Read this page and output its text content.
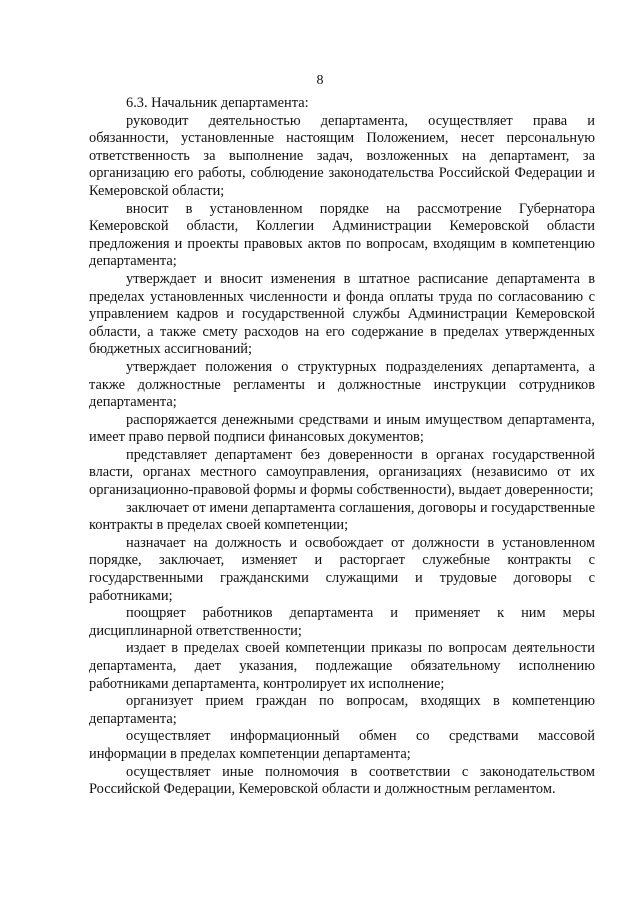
8

6.3. Начальник департамента:

руководит деятельностью департамента, осуществляет права и обязанности, установленные настоящим Положением, несет персональную ответственность за выполнение задач, возложенных на департамент, за организацию его работы, соблюдение законодательства Российской Федерации и Кемеровской области;

вносит в установленном порядке на рассмотрение Губернатора Кемеровской области, Коллегии Администрации Кемеровской области предложения и проекты правовых актов по вопросам, входящим в компетенцию департамента;

утверждает и вносит изменения в штатное расписание департамента в пределах установленных численности и фонда оплаты труда по согласованию с управлением кадров и государственной службы Администрации Кемеровской области, а также смету расходов на его содержание в пределах утвержденных бюджетных ассигнований;

утверждает положения о структурных подразделениях департамента, а также должностные регламенты и должностные инструкции сотрудников департамента;

распоряжается денежными средствами и иным имуществом департамента, имеет право первой подписи финансовых документов;

представляет департамент без доверенности в органах государственной власти, органах местного самоуправления, организациях (независимо от их организационно-правовой формы и формы собственности), выдает доверенности;

заключает от имени департамента соглашения, договоры и государственные контракты в пределах своей компетенции;

назначает на должность и освобождает от должности в установленном порядке, заключает, изменяет и расторгает служебные контракты с государственными гражданскими служащими и трудовые договоры с работниками;

поощряет работников департамента и применяет к ним меры дисциплинарной ответственности;

издает в пределах своей компетенции приказы по вопросам деятельности департамента, дает указания, подлежащие обязательному исполнению работниками департамента, контролирует их исполнение;

организует прием граждан по вопросам, входящих в компетенцию департамента;

осуществляет информационный обмен со средствами массовой информации в пределах компетенции департамента;

осуществляет иные полномочия в соответствии с законодательством Российской Федерации, Кемеровской области и должностным регламентом.
